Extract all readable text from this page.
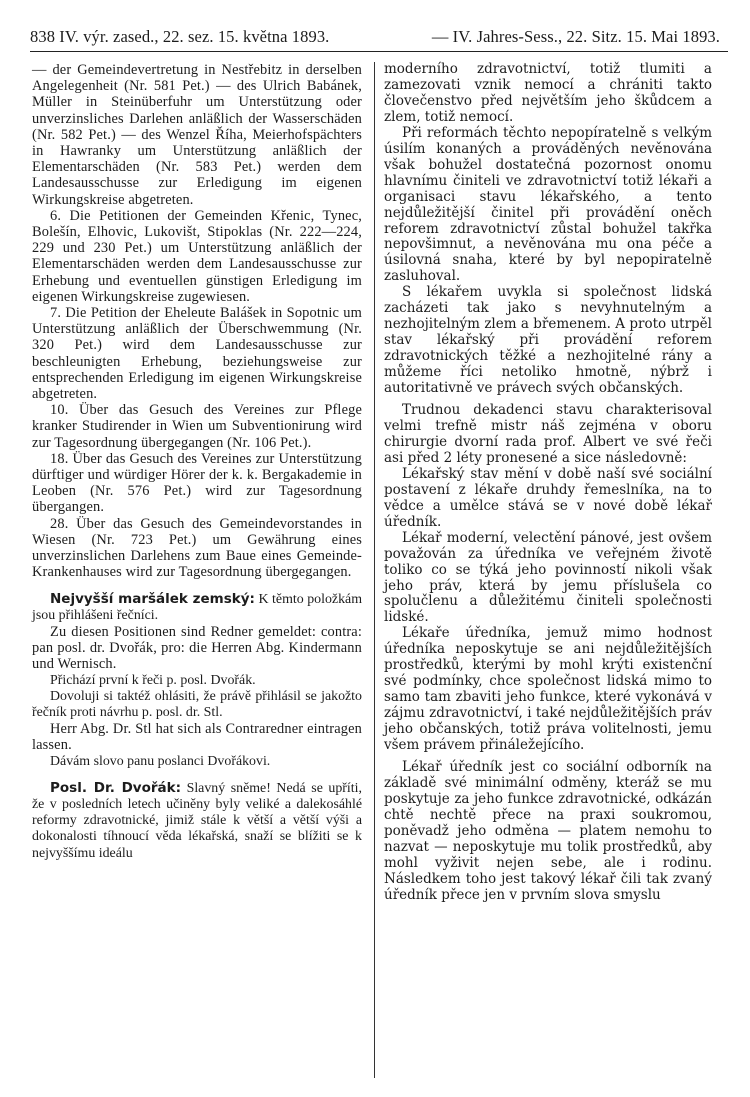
838 IV. výr. zased., 22. sez. 15. května 1893.	— IV. Jahres-Sess., 22. Sitz. 15. Mai 1893.

— der Gemeindevertretung in Nestřebitz in derselben Angelegenheit (Nr. 581 Pet.) — des Ulrich Babánek, Müller in Steinüberfuhr um Unterstützung oder unverzinsliches Darlehen anläßlich der Wasserschäden (Nr. 582 Pet.) — des Wenzel Říha, Meierhofspächters in Hawranky um Unterstützung anläßlich der Elementarschäden (Nr. 583 Pet.) werden dem Landesausschusse zur Erledigung im eigenen Wirkungskreise abgetreten.

6. Die Petitionen der Gemeinden Křenic, Tynec, Bolešín, Elhovic, Lukovišt, Stipoklas (Nr. 222—224, 229 und 230 Pet.) um Unterstützung anläßlich der Elementarschäden werden dem Landesausschusse zur Erhebung und eventuellen günstigen Erledigung im eigenen Wirkungskreise zugewiesen.

7. Die Petition der Eheleute Balášek in Sopotnic um Unterstützung anläßlich der Überschwemmung (Nr. 320 Pet.) wird dem Landesausschusse zur beschleunigten Erhebung, beziehungsweise zur entsprechenden Erledigung im eigenen Wirkungskreise abgetreten.

10. Über das Gesuch des Vereines zur Pflege kranker Studirender in Wien um Subventionirung wird zur Tagesordnung übergegangen (Nr. 106 Pet.).

18. Über das Gesuch des Vereines zur Unterstützung dürftiger und würdiger Hörer der k. k. Bergakademie in Leoben (Nr. 576 Pet.) wird zur Tagesordnung übergangen.

28. Über das Gesuch des Gemeindevorstandes in Wiesen (Nr. 723 Pet.) um Gewährung eines unverzinslichen Darlehens zum Baue eines Gemeinde-Krankenhauses wird zur Tagesordnung übergegangen.

Nejvyšší maršálek zemský: K těmto položkám jsou přihlášeni řečníci.

Zu diesen Positionen sind Redner gemeldet: contra: pan posl. dr. Dvořák, pro: die Herren Abg. Kindermann und Wernisch.

Přichází první k řeči p. posl. Dvořák.

Dovoluji si taktéž ohlásiti, že právě přihlásil se jakožto řečník proti návrhu p. posl. dr. Stl.

Herr Abg. Dr. Stl hat sich als Contraredner eintragen lassen.

Dávám slovo panu poslanci Dvořákovi.

Posl. Dr. Dvořák: Slavný sněme! Nedá se upříti, že v posledních letech učiněny byly veliké a dalekosáhlé reformy zdravotnické, jimiž stále k větší a větší výši a dokonalosti tíhnoucí věda lékařská, snaží se blížiti se k nejvyššímu ideálu

moderního zdravotnictví, totiž tlumiti a zamezovati vznik nemocí a chrániti takto človečenstvo před největším jeho škůdcem a zlem, totiž nemocí.

Při reformách těchto nepopíratelně s velkým úsilím konaných a prováděných nevěnována však bohužel dostatečná pozornost onomu hlavnímu činiteli ve zdravotnictví totiž lékaři a organisaci stavu lékařského, a tento nejdůležitější činitel při provádění oněch reforem zdravotnictví zůstal bohužel takřka nepovšimnut, a nevěnována mu ona péče a úsilovná snaha, které by byl nepopiratelně zasluhoval.

S lékařem uvykla si společnost lidská zacházeti tak jako s nevyhnutelným a nezhojitelným zlem a břemenem. A proto utrpěl stav lékařský při provádění reforem zdravotnických těžké a nezhojitelné rány a můžeme říci netoliko hmotně, nýbrž i autoritativně ve právech svých občanských.

Trudnou dekadenci stavu charakterisoval velmi trefně mistr náš zejména v oboru chirurgie dvorní rada prof. Albert ve své řeči asi před 2 léty pronesené a sice následovně:

Lékařský stav mění v době naší své sociální postavení z lékaře druhdy řemeslníka, na to vědce a umělce stává se v nové době lékař úředník.

Lékař moderní, velectění pánové, jest ovšem považován za úředníka ve veřejném životě toliko co se týká jeho povinností nikoli však jeho práv, která by jemu příslušela co spolučlenu a důležitému činiteli společnosti lidské.

Lékaře úředníka, jemuž mimo hodnost úředníka neposkytuje se ani nejdůležitějších prostředků, kterými by mohl krýti existenční své podmínky, chce společnost lidská mimo to samo tam zbaviti jeho funkce, které vykonává v zájmu zdravotnictví, i také nejdůležitějších práv jeho občanských, totiž práva volitelnosti, jemu všem právem přináležejícího.

Lékař úředník jest co sociální odborník na základě své minimální odměny, kteráž se mu poskytuje za jeho funkce zdravotnické, odkázán chtě nechtě přece na praxi soukromou, poněvadž jeho odměna — platem nemohu to nazvat — neposkytuje mu tolik prostředků, aby mohl vyživit nejen sebe, ale i rodinu. Následkem toho jest takový lékař čili tak zvaný úředník přece jen v prvním slova smyslu
